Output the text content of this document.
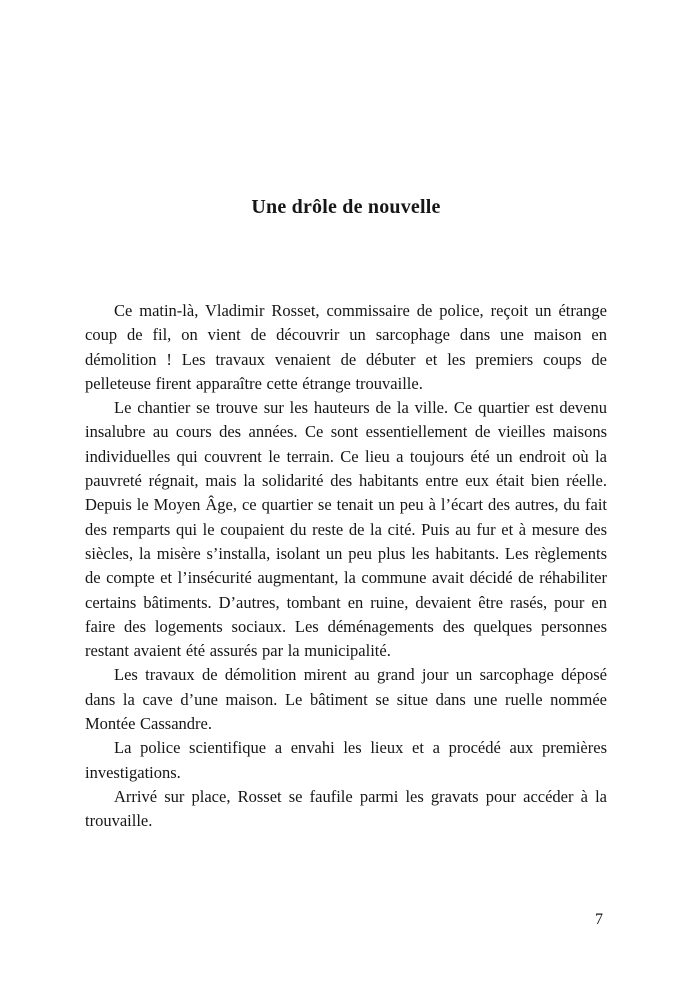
Une drôle de nouvelle

Ce matin-là, Vladimir Rosset, commissaire de police, reçoit un étrange coup de fil, on vient de découvrir un sarcophage dans une maison en démolition ! Les travaux venaient de débuter et les premiers coups de pelleteuse firent apparaître cette étrange trouvaille.

Le chantier se trouve sur les hauteurs de la ville. Ce quartier est devenu insalubre au cours des années. Ce sont essentiellement de vieilles maisons individuelles qui couvrent le terrain. Ce lieu a toujours été un endroit où la pauvreté régnait, mais la solidarité des habitants entre eux était bien réelle. Depuis le Moyen Âge, ce quartier se tenait un peu à l’écart des autres, du fait des remparts qui le coupaient du reste de la cité. Puis au fur et à mesure des siècles, la misère s’installa, isolant un peu plus les habitants. Les règlements de compte et l’insécurité augmentant, la commune avait décidé de réhabiliter certains bâtiments. D’autres, tombant en ruine, devaient être rasés, pour en faire des logements sociaux. Les déménagements des quelques personnes restant avaient été assurés par la municipalité.

Les travaux de démolition mirent au grand jour un sarcophage déposé dans la cave d’une maison. Le bâtiment se situe dans une ruelle nommée Montée Cassandre.

La police scientifique a envahi les lieux et a procédé aux premières investigations.

Arrivé sur place, Rosset se faufile parmi les gravats pour accéder à la trouvaille.

7
